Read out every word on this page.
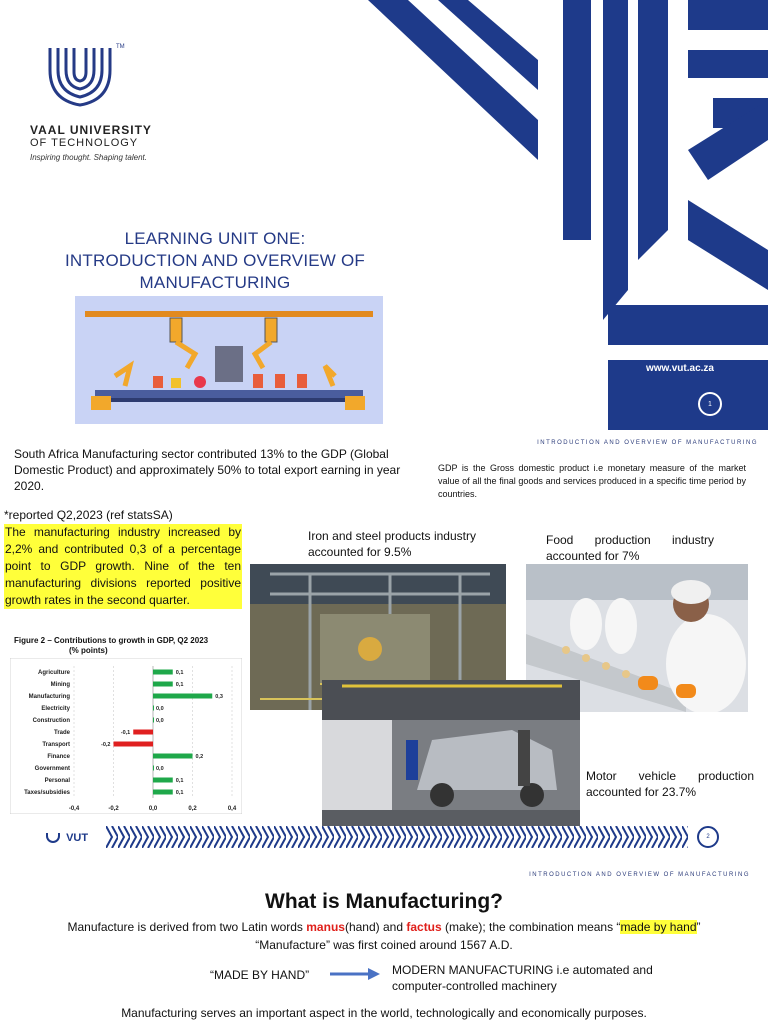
TM
VAAL UNIVERSITY
OF TECHNOLOGY
Inspiring thought. Shaping talent.
LEARNING UNIT ONE:
INTRODUCTION AND OVERVIEW OF
MANUFACTURING
www.vut.ac.za
1
INTRODUCTION AND OVERVIEW OF MANUFACTURING
South Africa Manufacturing sector contributed 13% to the GDP (Global Domestic Product) and approximately 50% to total export earning in year 2020.
GDP is the Gross domestic product i.e monetary measure of the market value of all the final goods and services produced in a specific time period by countries.
*reported Q2,2023 (ref statsSA)
The manufacturing industry increased by 2,2% and contributed 0,3 of a percentage point to GDP growth. Nine of the ten manufacturing divisions reported positive growth rates in the second quarter.
Figure 2 – Contributions to growth in GDP, Q2 2023
(% points)
-0,4	-0,2	0,0	0,2	0,4
Agriculture	0,1
Mining	0,1
Manufacturing	0,3
Electricity	0,0
Construction	0,0
Trade	-0,1
Transport	-0,2
Finance	0,2
Government	0,0
Personal	0,1
Taxes/subsidies	0,1
Iron and steel products industry accounted for 9.5%
Food production industry accounted for 7%
Motor vehicle production accounted for 23.7%
VUT	2
INTRODUCTION AND OVERVIEW OF MANUFACTURING
What is Manufacturing?
Manufacture is derived from two Latin words manus(hand) and factus (make); the combination means “made by hand”
“Manufacture” was first coined around 1567 A.D.
“MADE BY HAND”	MODERN MANUFACTURING i.e automated and computer-controlled machinery
Manufacturing serves an important aspect in the world, technologically and economically purposes.
